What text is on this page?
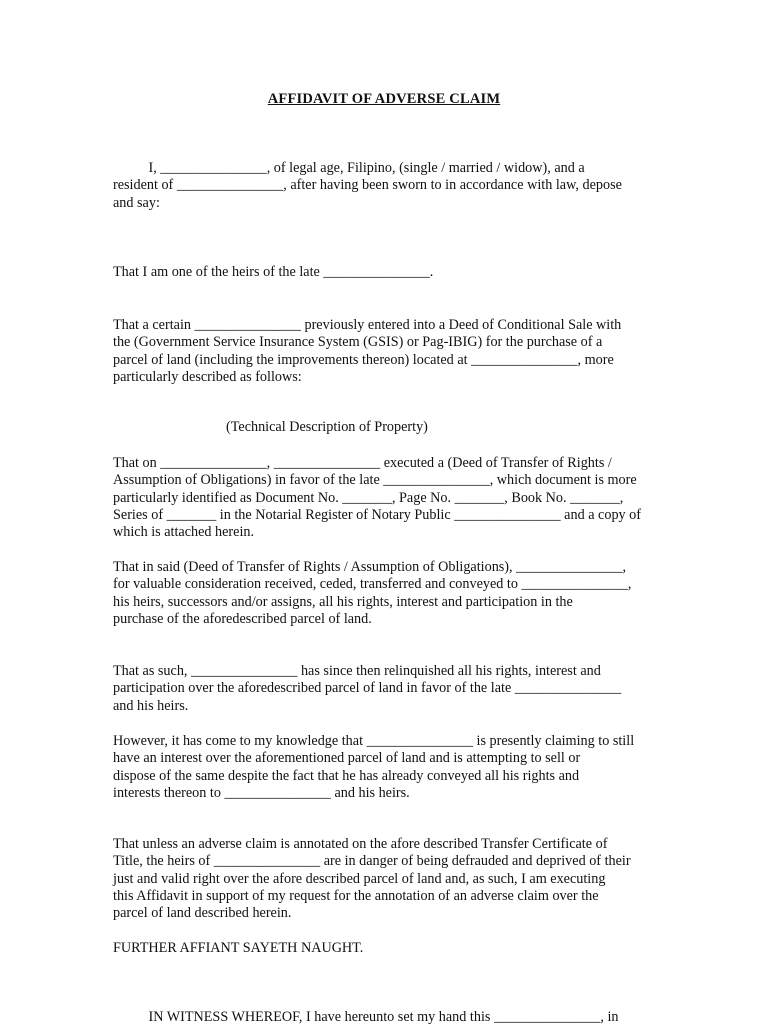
AFFIDAVIT OF ADVERSE CLAIM
I, _______________, of legal age, Filipino, (single / married / widow), and a
resident of _______________, after having been sworn to in accordance with law, depose
and say:
That I am one of the heirs of the late _______________.
That a certain _______________ previously entered into a Deed of Conditional Sale with
the (Government Service Insurance System (GSIS) or Pag-IBIG) for the purchase of a
parcel of land (including the improvements thereon) located at _______________, more
particularly described as follows:
(Technical Description of Property)
That on _______________, _______________ executed a (Deed of Transfer of Rights /
Assumption of Obligations) in favor of the late _______________, which document is more
particularly identified as Document No. _______, Page No. _______, Book No. _______,
Series of _______ in the Notarial Register of Notary Public _______________ and a copy of
which is attached herein.
That in said (Deed of Transfer of Rights / Assumption of Obligations), _______________,
for valuable consideration received, ceded, transferred and conveyed to _______________,
his heirs, successors and/or assigns, all his rights, interest and participation in the
purchase of the aforedescribed parcel of land.
That as such, _______________ has since then relinquished all his rights, interest and
participation over the aforedescribed parcel of land in favor of the late _______________
and his heirs.
However, it has come to my knowledge that _______________ is presently claiming to still
have an interest over the aforementioned parcel of land and is attempting to sell or
dispose of the same despite the fact that he has already conveyed all his rights and
interests thereon to _______________ and his heirs.
That unless an adverse claim is annotated on the afore described Transfer Certificate of
Title, the heirs of _______________ are in danger of being defrauded and deprived of their
just and valid right over the afore described parcel of land and, as such, I am executing
this Affidavit in support of my request for the annotation of an adverse claim over the
parcel of land described herein.
FURTHER AFFIANT SAYETH NAUGHT.
IN WITNESS WHEREOF, I have hereunto set my hand this _______________, in
